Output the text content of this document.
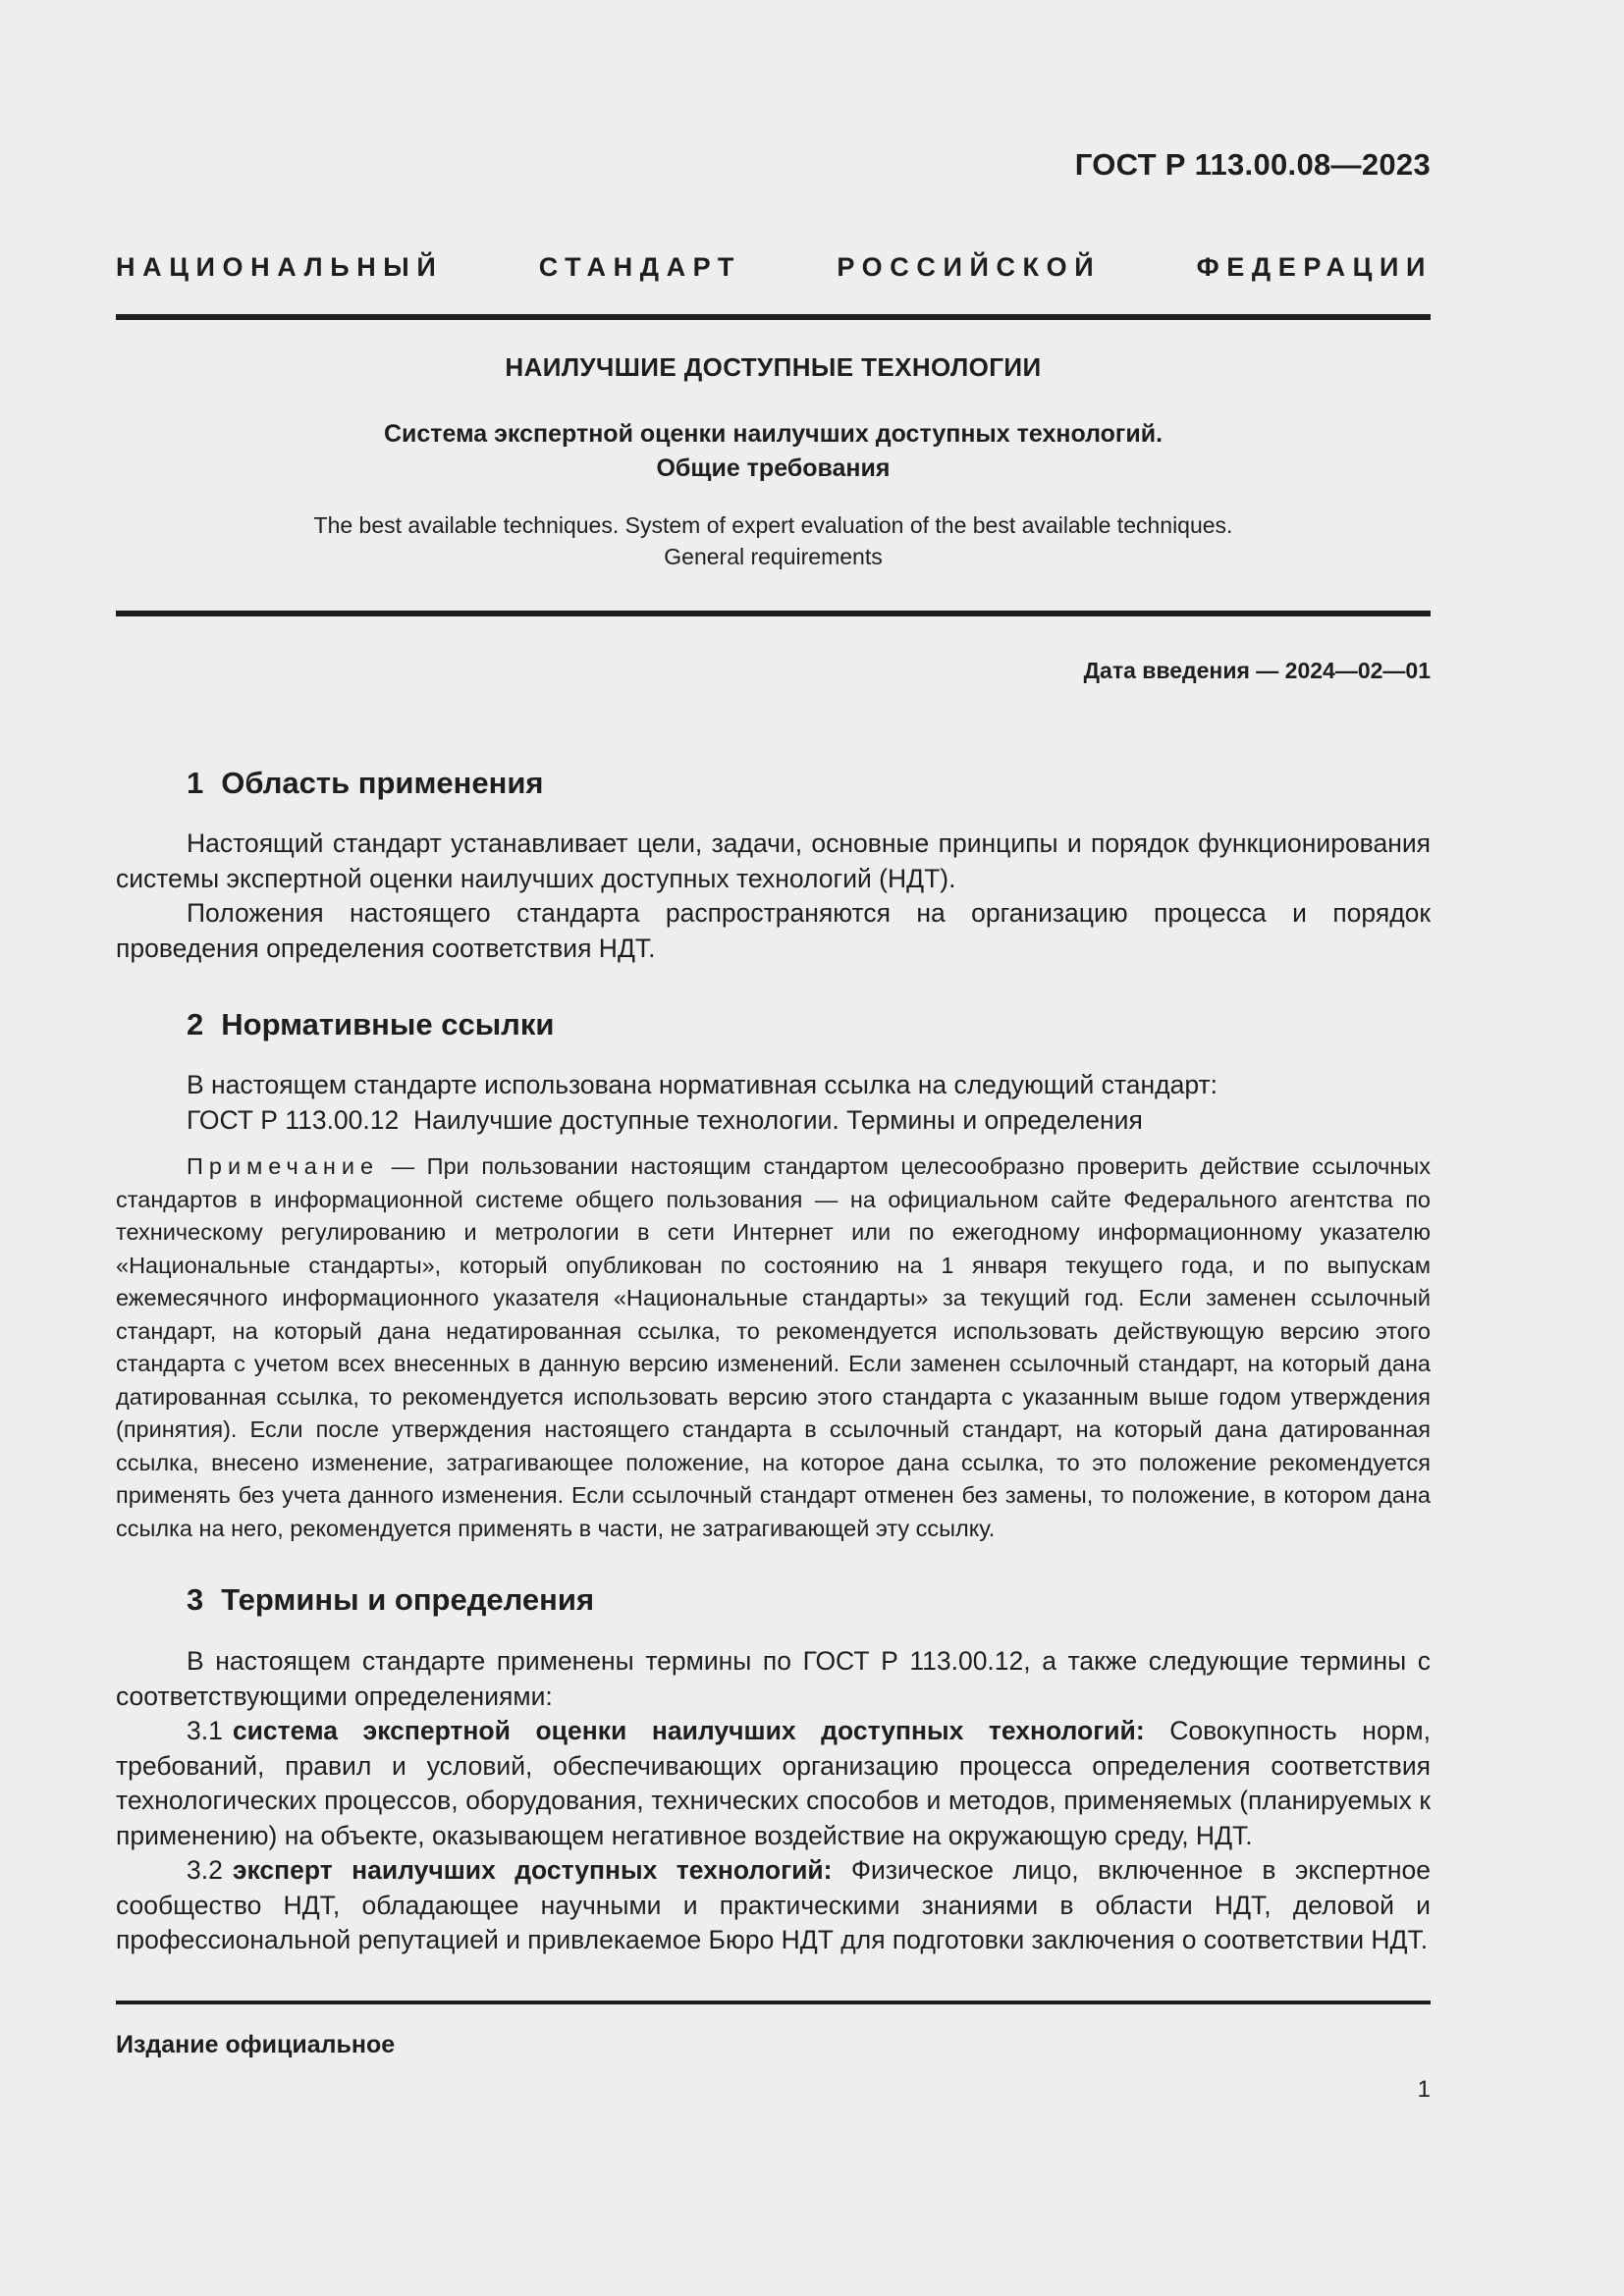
ГОСТ Р 113.00.08—2023
НАЦИОНАЛЬНЫЙ СТАНДАРТ РОССИЙСКОЙ ФЕДЕРАЦИИ
НАИЛУЧШИЕ ДОСТУПНЫЕ ТЕХНОЛОГИИ
Система экспертной оценки наилучших доступных технологий.
Общие требования
The best available techniques. System of expert evaluation of the best available techniques.
General requirements
Дата введения — 2024—02—01
1 Область применения

Настоящий стандарт устанавливает цели, задачи, основные принципы и порядок функционирования системы экспертной оценки наилучших доступных технологий (НДТ).

Положения настоящего стандарта распространяются на организацию процесса и порядок проведения определения соответствия НДТ.

2 Нормативные ссылки

В настоящем стандарте использована нормативная ссылка на следующий стандарт:

ГОСТ Р 113.00.12  Наилучшие доступные технологии. Термины и определения

Примечание — При пользовании настоящим стандартом целесообразно проверить действие ссылочных стандартов в информационной системе общего пользования — на официальном сайте Федерального агентства по техническому регулированию и метрологии в сети Интернет или по ежегодному информационному указателю «Национальные стандарты», который опубликован по состоянию на 1 января текущего года, и по выпускам ежемесячного информационного указателя «Национальные стандарты» за текущий год. Если заменен ссылочный стандарт, на который дана недатированная ссылка, то рекомендуется использовать действующую версию этого стандарта с учетом всех внесенных в данную версию изменений. Если заменен ссылочный стандарт, на который дана датированная ссылка, то рекомендуется использовать версию этого стандарта с указанным выше годом утверждения (принятия). Если после утверждения настоящего стандарта в ссылочный стандарт, на который дана датированная ссылка, внесено изменение, затрагивающее положение, на которое дана ссылка, то это положение рекомендуется применять без учета данного изменения. Если ссылочный стандарт отменен без замены, то положение, в котором дана ссылка на него, рекомендуется применять в части, не затрагивающей эту ссылку.

3 Термины и определения

В настоящем стандарте применены термины по ГОСТ Р 113.00.12, а также следующие термины с соответствующими определениями:

3.1 система экспертной оценки наилучших доступных технологий: Совокупность норм, требований, правил и условий, обеспечивающих организацию процесса определения соответствия технологических процессов, оборудования, технических способов и методов, применяемых (планируемых к применению) на объекте, оказывающем негативное воздействие на окружающую среду, НДТ.

3.2 эксперт наилучших доступных технологий: Физическое лицо, включенное в экспертное сообщество НДТ, обладающее научными и практическими знаниями в области НДТ, деловой и профессиональной репутацией и привлекаемое Бюро НДТ для подготовки заключения о соответствии НДТ.

Издание официальное
1
